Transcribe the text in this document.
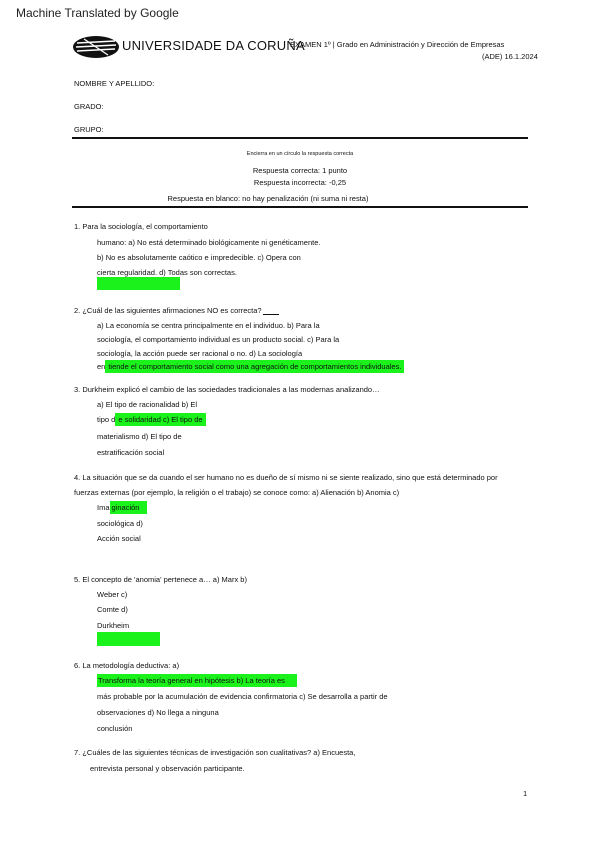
Machine Translated by Google
UNIVERSIDADE DA CORUÑA
EXAMEN 1º | Grado en Administración y Dirección de Empresas
(ADE) 16.1.2024
NOMBRE Y APELLIDO:
GRADO:
GRUPO:
Encierra en un círculo la respuesta correcta
Respuesta correcta: 1 punto
Respuesta incorrecta: -0,25
Respuesta en blanco: no hay penalización (ni suma ni resta)
1. Para la sociología, el comportamiento
humano: a) No está determinado biológicamente ni genéticamente.
b) No es absolutamente caótico e impredecible. c) Opera con
cierta regularidad. d) Todas son correctas.
2. ¿Cuál de las siguientes afirmaciones NO es correcta?
a) La economía se centra principalmente en el individuo. b) Para la
sociología, el comportamiento individual es un producto social. c) Para la
sociología, la acción puede ser racional o no. d) La sociología
en tiende el comportamiento social como una agregación de comportamientos individuales.
3. Durkheim explicó el cambio de las sociedades tradicionales a las modernas analizando…
a) El tipo de racionalidad b) El
tipo d e solidaridad c) El tipo de
materialismo d) El tipo de
estratificación social
4. La situación que se da cuando el ser humano no es dueño de sí mismo ni se siente realizado, sino que está determinado por
fuerzas externas (por ejemplo, la religión o el trabajo) se conoce como: a) Alienación b) Anomia c)
Ima ginación
sociológica d)
Acción social
5. El concepto de 'anomia' pertenece a… a) Marx b)
Weber c)
Comte d)
Durkheim
6. La metodología deductiva: a)
Transforma la teoría general en hipótesis b) La teoría es
más probable por la acumulación de evidencia confirmatoria c) Se desarrolla a partir de
observaciones d) No llega a ninguna
conclusión
7. ¿Cuáles de las siguientes técnicas de investigación son cualitativas? a) Encuesta,
entrevista personal y observación participante.
1
